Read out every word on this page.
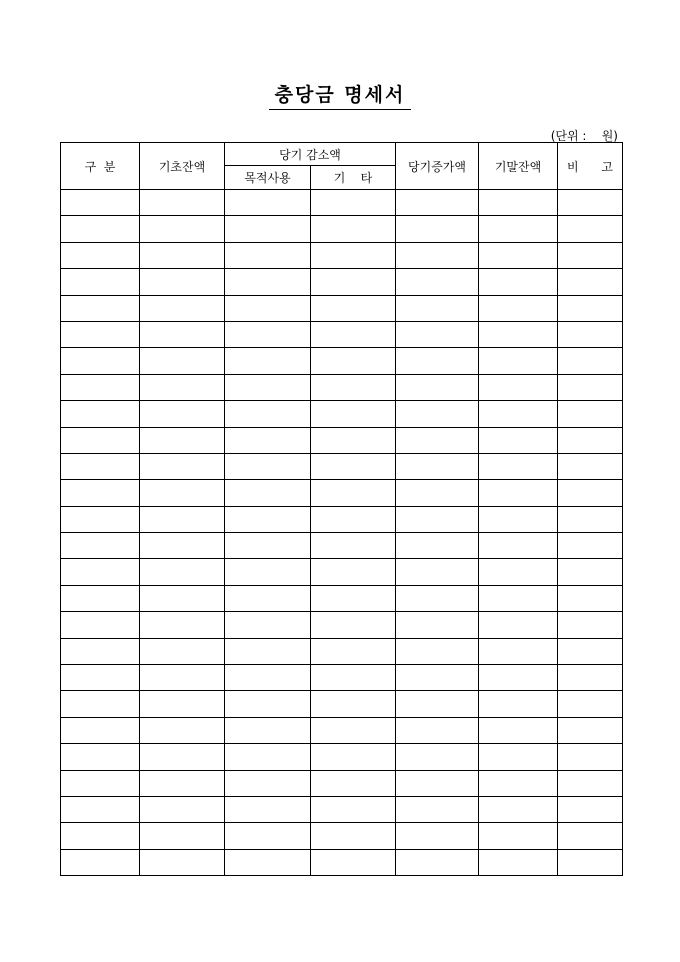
충당금 명세서
(단위 :    원)
구  분	기초잔액	당기 감소액		당기증가액	기말잔액	비      고
		목적사용	기    타			
